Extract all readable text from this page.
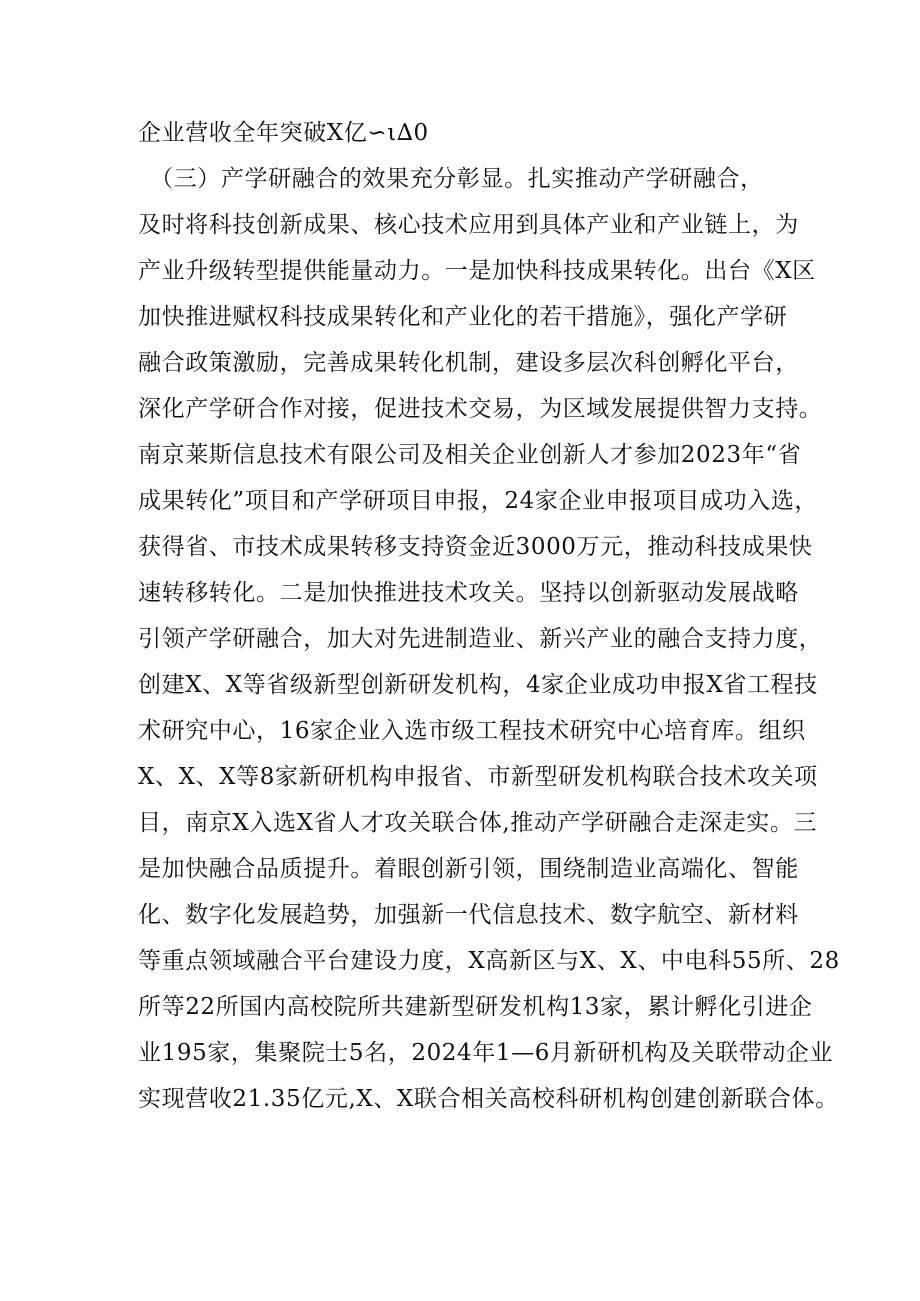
企业营收全年突破X亿∽ι∆0
　（三）产学研融合的效果充分彰显。扎实推动产学研融合，
及时将科技创新成果、核心技术应用到具体产业和产业链上，为
产业升级转型提供能量动力。一是加快科技成果转化。出台《X区
加快推进赋权科技成果转化和产业化的若干措施》，强化产学研
融合政策激励，完善成果转化机制，建设多层次科创孵化平台，
深化产学研合作对接，促进技术交易，为区域发展提供智力支持。
南京莱斯信息技术有限公司及相关企业创新人才参加2023年“省
成果转化”项目和产学研项目申报，24家企业申报项目成功入选，
获得省、市技术成果转移支持资金近3000万元，推动科技成果快
速转移转化。二是加快推进技术攻关。坚持以创新驱动发展战略
引领产学研融合，加大对先进制造业、新兴产业的融合支持力度，
创建X、X等省级新型创新研发机构，4家企业成功申报X省工程技
术研究中心，16家企业入选市级工程技术研究中心培育库。组织
X、X、X等8家新研机构申报省、市新型研发机构联合技术攻关项
目，南京X入选X省人才攻关联合体,推动产学研融合走深走实。三
是加快融合品质提升。着眼创新引领，围绕制造业高端化、智能
化、数字化发展趋势，加强新一代信息技术、数字航空、新材料
等重点领域融合平台建设力度，X高新区与X、X、中电科55所、28
所等22所国内高校院所共建新型研发机构13家，累计孵化引进企
业195家，集聚院士5名，2024年1—6月新研机构及关联带动企业
实现营收21.35亿元,X、X联合相关高校科研机构创建创新联合体。
